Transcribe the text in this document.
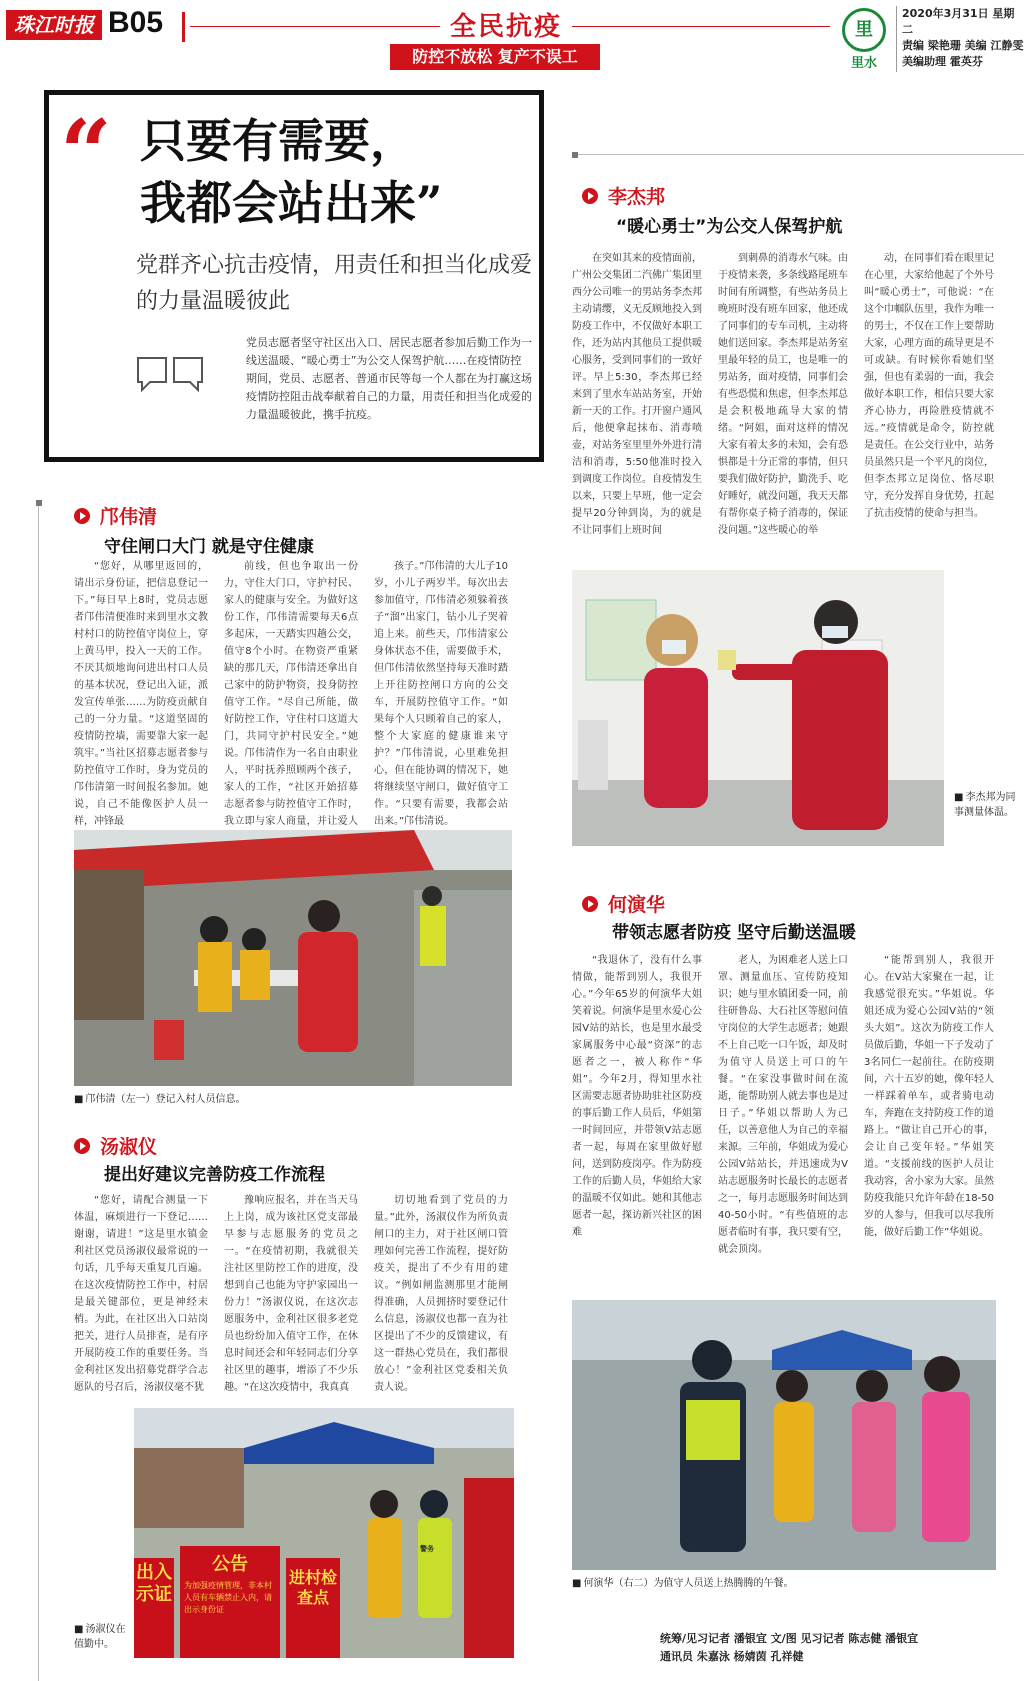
珠江时报 B05	全民抗疫
防控不放松 复产不误工
里
里水
2020年3月31日 星期二
责编 梁艳珊 美编 江静雯
美编助理 霍英芬
“ 只要有需要，
我都会站出来”
党群齐心抗击疫情，用责任和担当化成爱的力量温暖彼此
党员志愿者坚守社区出入口、居民志愿者参加后勤工作为一线送温暖、“暖心勇士”为公交人保驾护航……在疫情防控期间，党员、志愿者、普通市民等每一个人都在为打赢这场疫情防控阻击战奉献着自己的力量，用责任和担当化成爱的力量温暖彼此，携手抗疫。
李杰邦
“暖心勇士”为公交人保驾护航

在突如其来的疫情面前，广州公交集团二汽佛广集团里西分公司唯一的男站务李杰邦主动请缨，义无反顾地投入到防疫工作中，不仅做好本职工作，还为站内其他员工提供暖心服务，受到同事们的一致好评。早上5:30，李杰邦已经来到了里水车站站务室，开始新一天的工作。打开窗户通风后，他便拿起抹布、消毒喷壶，对站务室里里外外进行清洁和消毒，5:50他准时投入到调度工作岗位。自疫情发生以来，只要上早班，他一定会提早20分钟到岗，为的就是不让同事们上班时间

到刺鼻的消毒水气味。由于疫情来袭，多条线路尾班车时间有所调整，有些站务员上晚班时没有班车回家，他还成了同事们的专车司机，主动将她们送回家。李杰邦是站务室里最年轻的员工，也是唯一的男站务，面对疫情，同事们会有些恐慌和焦虑，但李杰邦总是会积极地疏导大家的情绪。“阿姐，面对这样的情况大家有着太多的未知，会有恐惧都是十分正常的事情，但只要我们做好防护，勤洗手、吃好睡好，就没问题，我天天都有帮你桌子椅子消毒的，保证没问题。”这些暖心的举

动，在同事们看在眼里记在心里，大家给他起了个外号叫“暖心勇士”，可他说：“在这个巾帼队伍里，我作为唯一的男士，不仅在工作上要帮助大家，心理方面的疏导更是不可或缺。有时候你看她们坚强，但也有柔弱的一面，我会做好本职工作，相信只要大家齐心协力，再险胜疫情就不远。”疫情就是命令，防控就是责任。在公交行业中，站务员虽然只是一个平凡的岗位，但李杰邦立足岗位、恪尽职守，充分发挥自身优势，扛起了抗击疫情的使命与担当。

■ 李杰邦为同事测量体温。
邝伟清
守住闸口大门 就是守住健康

“您好，从哪里返回的，请出示身份证，把信息登记一下。”每日早上8时，党员志愿者邝伟清便准时来到里水文教村村口的防控值守岗位上，穿上黄马甲，投入一天的工作。不厌其烦地询问进出村口人员的基本状况，登记出入证，派发宣传单张……为防疫贡献自己的一分力量。“这道坚固的疫情防控墙，需要靠大家一起筑牢。”当社区招募志愿者参与防控值守工作时，身为党员的邝伟清第一时间报名参加。她说，自己不能像医护人员一样，冲锋最

前线，但也争取出一份力，守住大门口，守护村民、家人的健康与安全。为做好这份工作，邝伟清需要每天6点多起床，一天踏实四趟公交，值守8个小时。在物资严重紧缺的那几天，邝伟清还拿出自己家中的防护物资，投身防控值守工作。“尽自己所能，做好防控工作，守住村口这道大门，共同守护村民安全。”她说。邝伟清作为一名自由职业人，平时抚养照顾两个孩子，家人的工作，“社区开始招募志愿者参与防控值守工作时，我立即与家人商量，并让爱人

孩子。”邝伟清的大儿子10岁，小儿子两岁半。每次出去参加值守，邝伟清必须躲着孩子“溜”出家门，钻小儿子哭着追上来。前些天，邝伟清家公身体状态不佳，需要做手术，但邝伟清依然坚持每天准时踏上开往防控闸口方向的公交车，开展防控值守工作。“如果每个人只顾着自己的家人，整个大家庭的健康谁来守护？”邝伟清说，心里难免担心，但在能协调的情况下，她将继续坚守闸口，做好值守工作。“只要有需要，我都会站出来。”邝伟清说。

■ 邝伟清（左一）登记入村人员信息。
何演华
带领志愿者防疫 坚守后勤送温暖

“我退休了，没有什么事情做，能帮到别人，我很开心。”今年65岁的何演华大姐笑着说。何演华是里水爱心公园V站的站长，也是里水最受家属服务中心最“资深”的志愿者之一，被人称作“华姐”。今年2月，得知里水社区需要志愿者协助驻社区防疫的事后勤工作人员后，华姐第一时间回应，并带领V站志愿者一起，每周在家里做好慰问，送到防疫岗亭。作为防疫工作的后勤人员，华姐给大家的温暖不仅如此。她和其他志愿者一起，探访新兴社区的困难

老人，为困难老人送上口罩、测量血压、宣传防疫知识；她与里水镇团委一同，前往研鲁岛、大石社区等慰问值守岗位的大学生志愿者；她跟不上自己吃一口午饭，却及时为值守人员送上可口的午餐。“在家没事做时间在流逝，能帮助别人就去事也是过日子。”华姐以帮助人为己任，以善意他人为自己的幸福来源。三年前，华姐成为爱心公园V站站长，并迅速成为V站志愿服务时长最长的志愿者之一，每月志愿服务时间达到40-50小时。“有些值班的志愿者临时有事，我只要有空，就会顶岗。

“能帮到别人，我很开心。在V站大家聚在一起，让我感觉很充实。”华姐说。华姐还成为爱心公园V站的“领头大姐”。这次为防疫工作人员做后勤，华姐一下子发动了3名同仁一起前往。在防疫期间，六十五岁的她，像年轻人一样踩着单车，或者骑电动车，奔跑在支持防疫工作的道路上。“做让自己开心的事，会让自己变年轻。”华姐笑道。“支援前线的医护人员让我动容，舍小家为大家。虽然防疫我能只允许年龄在18-50岁的人参与，但我可以尽我所能，做好后勤工作”华姐说。

■ 何演华（右二）为值守人员送上热腾腾的午餐。
汤淑仪
提出好建议完善防疫工作流程

“您好，请配合测量一下体温，麻烦进行一下登记……谢谢，请进！”这是里水镇金利社区党员汤淑仪最常说的一句话，几乎每天重复几百遍。在这次疫情防控工作中，村居是最关键部位，更是神经末梢。为此，在社区出入口站岗把关，进行人员排查，是有序开展防疫工作的重要任务。当金利社区发出招募党群学合志愿队的号召后，汤淑仪毫不犹

豫响应报名，并在当天马上上岗，成为该社区党支部最早参与志愿服务的党员之一。“在疫情初期，我就很关注社区里防控工作的进度，没想到自己也能为守护家园出一份力！”汤淑仪说，在这次志愿服务中，金利社区很多老党员也纷纷加入值守工作，在休息时间还会和年轻同志们分享社区里的趣事，增添了不少乐趣。“在这次疫情中，我真真

切切地看到了党员的力量。”此外，汤淑仪作为所负责闸口的主力，对于社区闸口管理如何完善工作流程，提好防疫关，提出了不少有用的建议。“例如闸监测那里才能闸得准确，人员拥挤时要登记什么信息，汤淑仪也都一直为社区提出了不少的反馈建议，有这一群热心党员在，我们都很放心！”金利社区党委相关负责人说。

出入示证
公告
为加强疫情管理，非本村人员有车辆禁止入内，请出示身份证
进村检查点
警务
■ 汤淑仪在值勤中。	统筹/见习记者 潘银宜 文/图 见习记者 陈志健 潘银宜
通讯员 朱嘉泳 杨婧茵 孔祥健
